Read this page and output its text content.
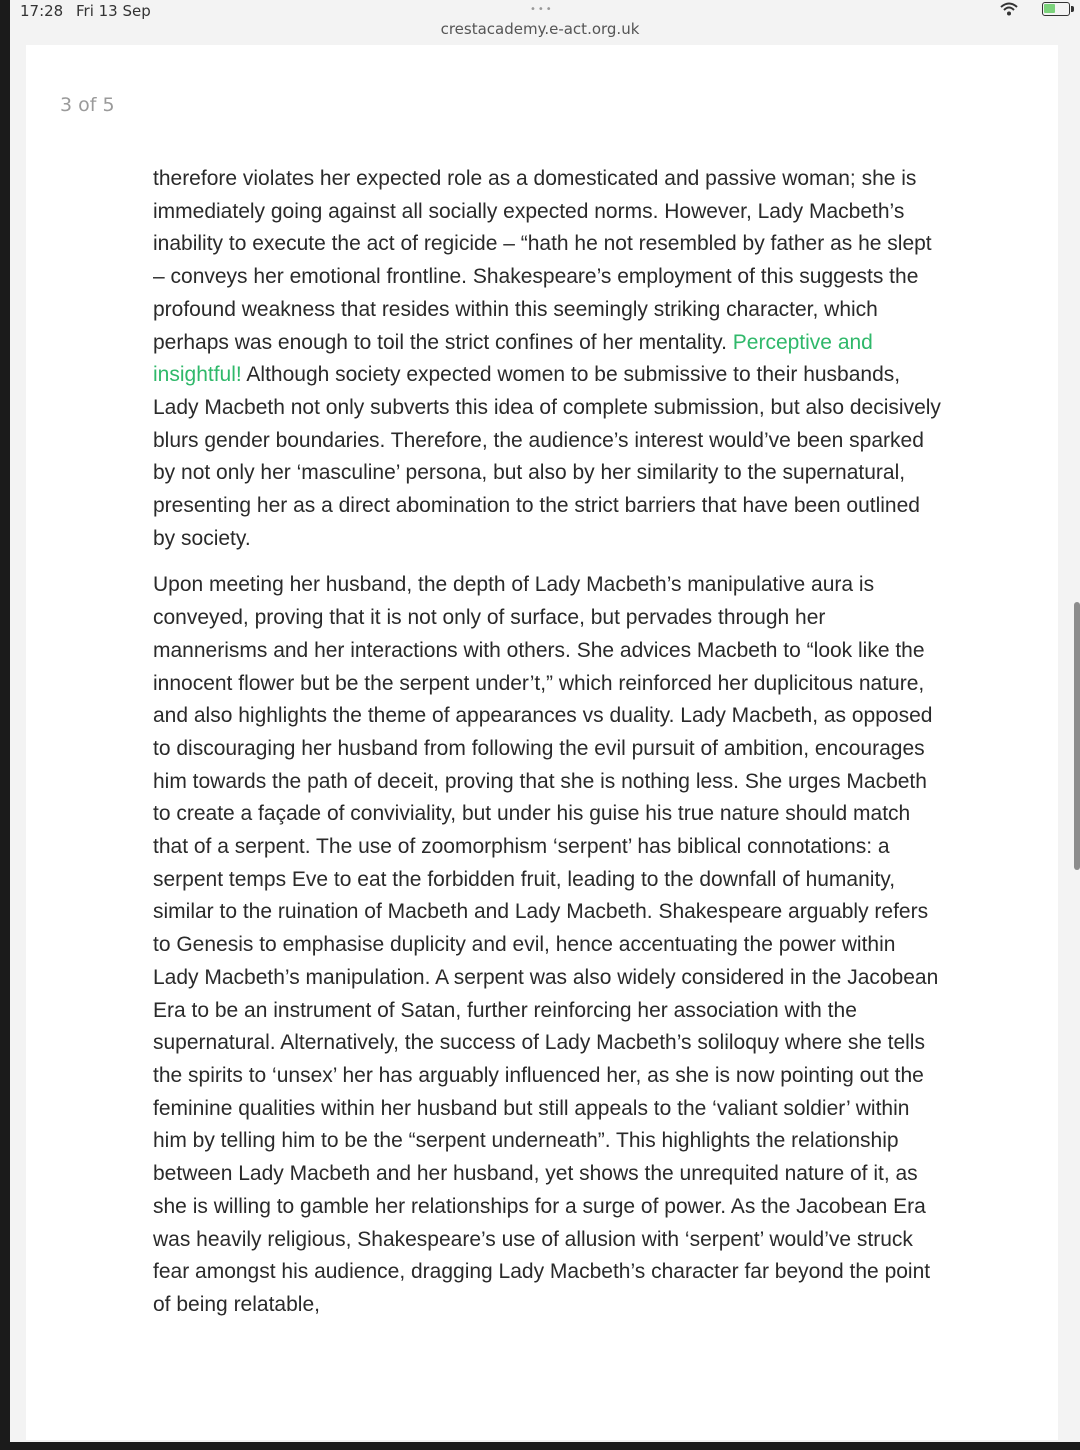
17:28 Fri 13 Sep	•••
crestacademy.e-act.org.uk
3 of 5

therefore violates her expected role as a domesticated and passive woman; she is immediately going against all socially expected norms. However, Lady Macbeth’s inability to execute the act of regicide – “hath he not resembled by father as he slept – conveys her emotional frontline. Shakespeare’s employment of this suggests the profound weakness that resides within this seemingly striking character, which perhaps was enough to toil the strict confines of her mentality. Perceptive and insightful! Although society expected women to be submissive to their husbands, Lady Macbeth not only subverts this idea of complete submission, but also decisively blurs gender boundaries. Therefore, the audience’s interest would’ve been sparked by not only her ‘masculine’ persona, but also by her similarity to the supernatural, presenting her as a direct abomination to the strict barriers that have been outlined by society.

Upon meeting her husband, the depth of Lady Macbeth’s manipulative aura is conveyed, proving that it is not only of surface, but pervades through her mannerisms and her interactions with others. She advices Macbeth to “look like the innocent flower but be the serpent under’t,” which reinforced her duplicitous nature, and also highlights the theme of appearances vs duality. Lady Macbeth, as opposed to discouraging her husband from following the evil pursuit of ambition, encourages him towards the path of deceit, proving that she is nothing less. She urges Macbeth to create a façade of conviviality, but under his guise his true nature should match that of a serpent. The use of zoomorphism ‘serpent’ has biblical connotations: a serpent temps Eve to eat the forbidden fruit, leading to the downfall of humanity, similar to the ruination of Macbeth and Lady Macbeth. Shakespeare arguably refers to Genesis to emphasise duplicity and evil, hence accentuating the power within Lady Macbeth’s manipulation. A serpent was also widely considered in the Jacobean Era to be an instrument of Satan, further reinforcing her association with the supernatural. Alternatively, the success of Lady Macbeth’s soliloquy where she tells the spirits to ‘unsex’ her has arguably influenced her, as she is now pointing out the feminine qualities within her husband but still appeals to the ‘valiant soldier’ within him by telling him to be the “serpent underneath”. This highlights the relationship between Lady Macbeth and her husband, yet shows the unrequited nature of it, as she is willing to gamble her relationships for a surge of power. As the Jacobean Era was heavily religious, Shakespeare’s use of allusion with ‘serpent’ would’ve struck fear amongst his audience, dragging Lady Macbeth’s character far beyond the point of being relatable,
